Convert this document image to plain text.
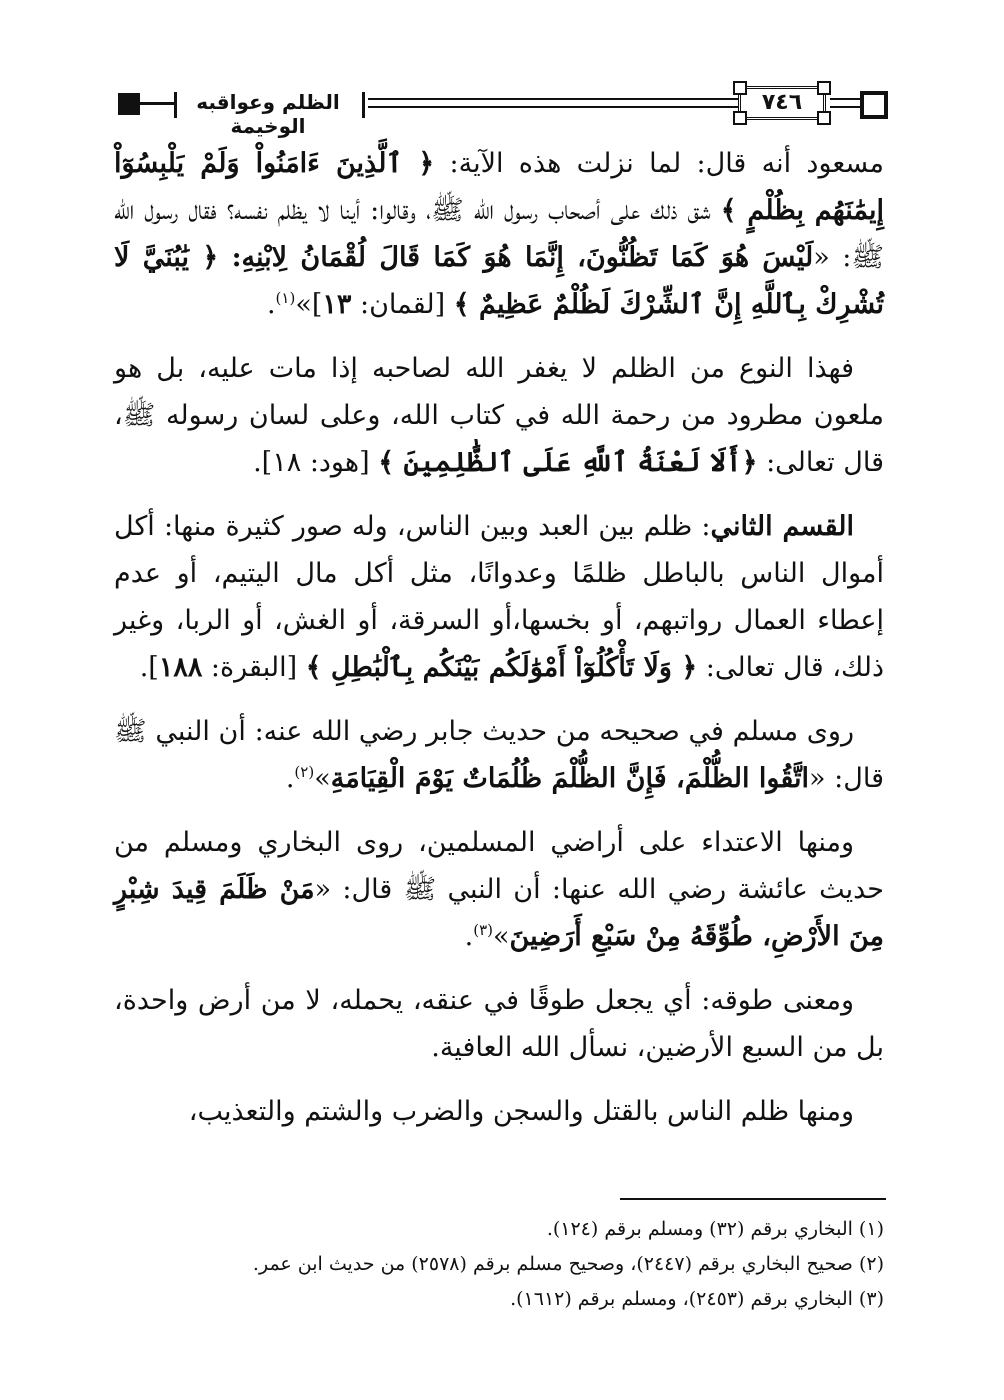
الظلم وعواقبه الوخيمة
٧٤٦

مسعود أنه قال: لما نزلت هذه الآية: ﴿ ٱلَّذِينَ ءَامَنُواْ وَلَمْ يَلْبِسُوٓاْ إِيمَٰنَهُم بِظُلْمٍ ﴾ شق ذلك على أصحاب رسول الله ﷺ، وقالوا: أينا لا يظلم نفسه؟ فقال رسول الله ﷺ: «لَيْسَ هُوَ كَمَا تَظُنُّونَ، إِنَّمَا هُوَ كَمَا قَالَ لُقْمَانُ لِابْنِهِ: ﴿ يَٰبُنَيَّ لَا تُشْرِكْ بِٱللَّهِ إِنَّ ٱلشِّرْكَ لَظُلْمٌ عَظِيمٌ ﴾ [لقمان: ١٣]»$^{(١)}$.

فهذا النوع من الظلم لا يغفر الله لصاحبه إذا مات عليه، بل هو ملعون مطرود من رحمة الله في كتاب الله، وعلى لسان رسوله ﷺ، قال تعالى: ﴿أَلَا لَعْنَةُ ٱللَّهِ عَلَى ٱلظَّٰلِمِينَ ﴾ [هود: ١٨].

القسم الثاني: ظلم بين العبد وبين الناس، وله صور كثيرة منها: أكل أموال الناس بالباطل ظلمًا وعدوانًا، مثل أكل مال اليتيم، أو عدم إعطاء العمال رواتبهم، أو بخسها،أو السرقة، أو الغش، أو الربا، وغير ذلك، قال تعالى: ﴿ وَلَا تَأْكُلُوٓاْ أَمْوَٰلَكُم بَيْنَكُم بِٱلْبَٰطِلِ ﴾ [البقرة: ١٨٨].

روى مسلم في صحيحه من حديث جابر رضي الله عنه: أن النبي ﷺ قال: «اتَّقُوا الظُّلْمَ، فَإِنَّ الظُّلْمَ ظُلُمَاتٌ يَوْمَ الْقِيَامَةِ»$^{(٢)}$.

ومنها الاعتداء على أراضي المسلمين، روى البخاري ومسلم من حديث عائشة رضي الله عنها: أن النبي ﷺ قال: «مَنْ ظَلَمَ قِيدَ شِبْرٍ مِنَ الأَرْضِ، طُوِّقَهُ مِنْ سَبْعِ أَرَضِينَ»$^{(٣)}$.

ومعنى طوقه: أي يجعل طوقًا في عنقه، يحمله، لا من أرض واحدة، بل من السبع الأرضين، نسأل الله العافية.

ومنها ظلم الناس بالقتل والسجن والضرب والشتم والتعذيب،

(١) البخاري برقم (٣٢) ومسلم برقم (١٢٤).
(٢) صحيح البخاري برقم (٢٤٤٧)، وصحيح مسلم برقم (٢٥٧٨) من حديث ابن عمر.
(٣) البخاري برقم (٢٤٥٣)، ومسلم برقم (١٦١٢).
